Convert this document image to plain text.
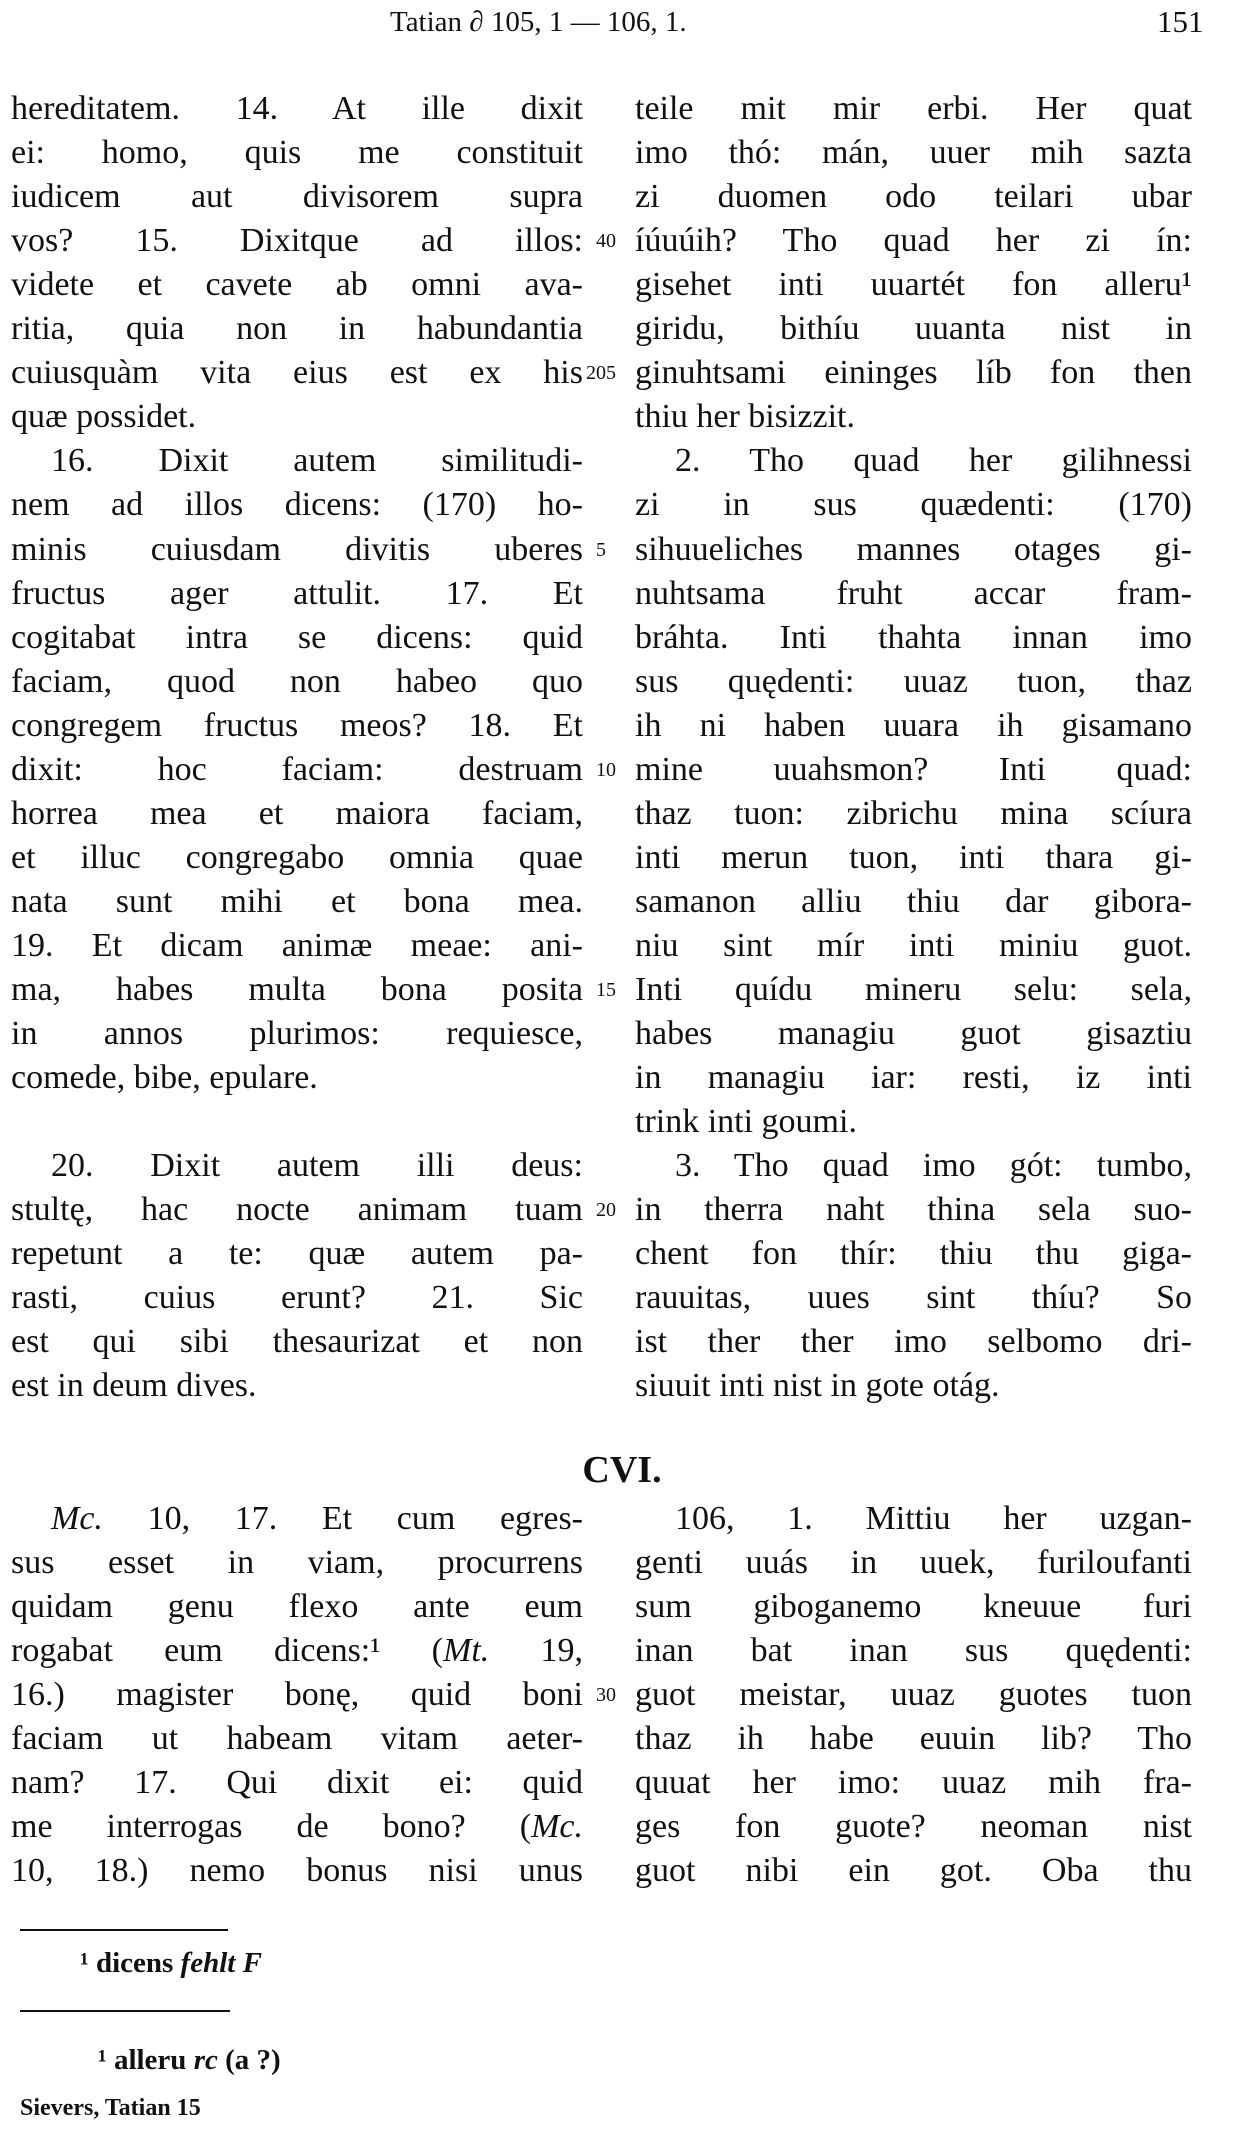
Tatian ∂ 105, 1 — 106, 1.	151
hereditatem. 14. At ille dixit
ei: homo, quis me constituit
iudicem aut divisorem supra
vos? 15. Dixitque ad illos:
videte et cavete ab omni ava-
ritia, quia non in habundantia
cuiusquàm vita eius est ex his
quæ possidet.
16. Dixit autem similitudi-
nem ad illos dicens: (170) ho-
minis cuiusdam divitis uberes
fructus ager attulit. 17. Et
cogitabat intra se dicens: quid
faciam, quod non habeo quo
congregem fructus meos? 18. Et
dixit: hoc faciam: destruam
horrea mea et maiora faciam,
et illuc congregabo omnia quae
nata sunt mihi et bona mea.
19. Et dicam animæ meae: ani-
ma, habes multa bona posita
in annos plurimos: requiesce,
comede, bibe, epulare.
teile mit mir erbi. Her quat
imo thó: mán, uuer mih sazta
zi duomen odo teilari ubar
íúuúih? Tho quad her zi ín:
gisehet inti uuartét fon alleru¹
giridu, bithíu uuanta nist in
ginuhtsami eininges líb fon then
thiu her bisizzit.
2. Tho quad her gilihnessi
zi in sus quædenti: (170)
sihuueliches mannes otages gi-
nuhtsama fruht accar fram-
bráhta. Inti thahta innan imo
sus quędenti: uuaz tuon, thaz
ih ni haben uuara ih gisamano
mine uuahsmon? Inti quad:
thaz tuon: zibrichu mina scíura
inti merun tuon, inti thara gi-
samanon alliu thiu dar gibora-
niu sint mír inti miniu guot.
Inti quídu mineru selu: sela,
habes managiu guot gisaztiu
in managiu iar: resti, iz inti
trink inti goumi.
40
205
5
10
15
20. Dixit autem illi deus:
stultę, hac nocte animam tuam
repetunt a te: quæ autem pa-
rasti, cuius erunt? 21. Sic
est qui sibi thesaurizat et non
est in deum dives.
3. Tho quad imo gót: tumbo,
in therra naht thina sela suo-
chent fon thír: thiu thu giga-
rauuitas, uues sint thíu? So
ist ther ther imo selbomo dri-
siuuit inti nist in gote otág.
20
CVI.
Mc. 10, 17. Et cum egres-
sus esset in viam, procurrens
quidam genu flexo ante eum
rogabat eum dicens:¹ (Mt. 19,
16.) magister bonę, quid boni
faciam ut habeam vitam aeter-
nam? 17. Qui dixit ei: quid
me interrogas de bono? (Mc.
10, 18.) nemo bonus nisi unus
106, 1. Mittiu her uzgan-
genti uuás in uuek, furiloufanti
sum giboganemo kneuue furi
inan bat inan sus quędenti:
guot meistar, uuaz guotes tuon
thaz ih habe euuin lib? Tho
quuat her imo: uuaz mih fra-
ges fon guote? neoman nist
guot nibi ein got. Oba thu
30
¹ dicens fehlt F
¹ alleru rc (a ?)
Sievers, Tatian 15
